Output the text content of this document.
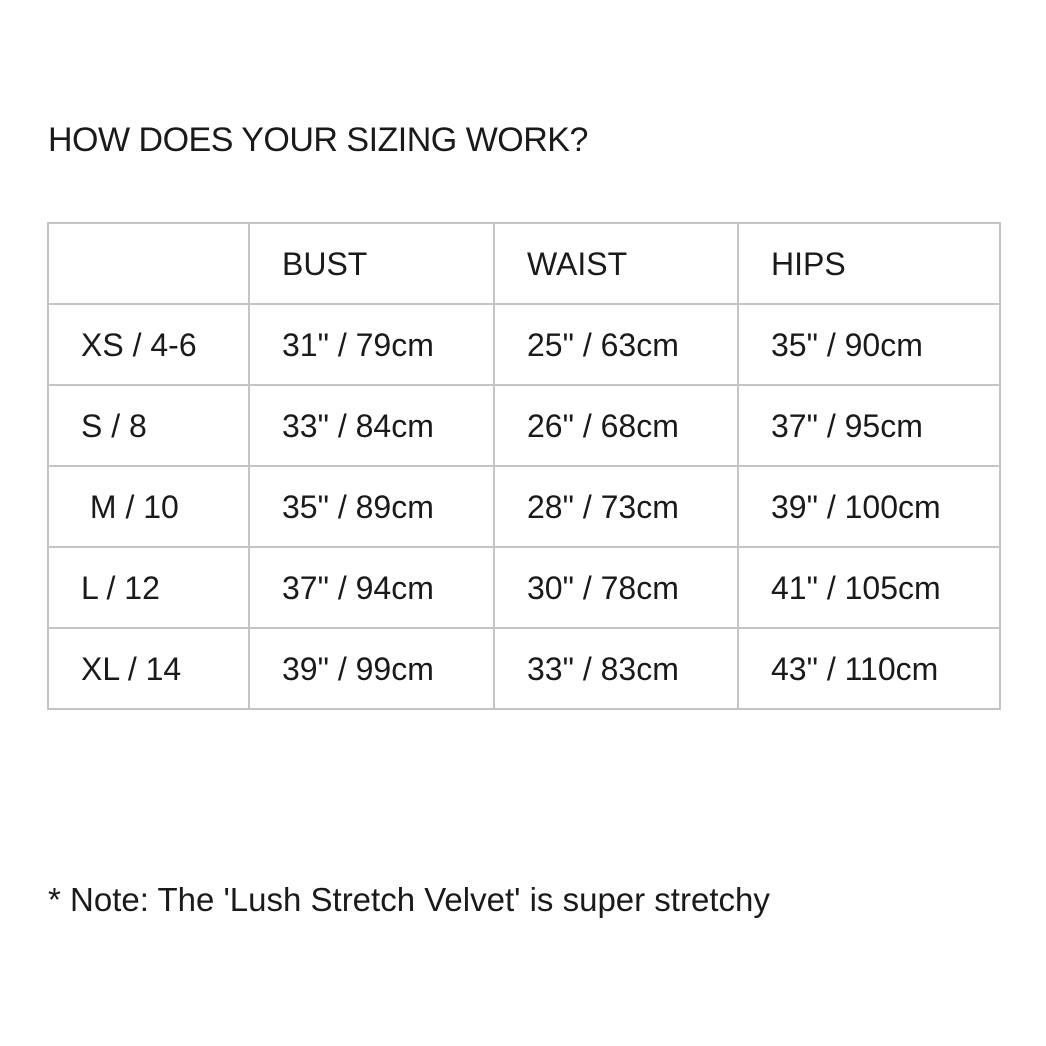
HOW DOES YOUR SIZING WORK?
	BUST	WAIST	HIPS
XS / 4-6	31" / 79cm	25" / 63cm	35" / 90cm
S / 8	33" / 84cm	26" / 68cm	37" / 95cm
M / 10	35" / 89cm	28" / 73cm	39" / 100cm
L / 12	37" / 94cm	30" / 78cm	41" / 105cm
XL / 14	39" / 99cm	33" / 83cm	43" / 110cm
* Note: The 'Lush Stretch Velvet' is super stretchy
